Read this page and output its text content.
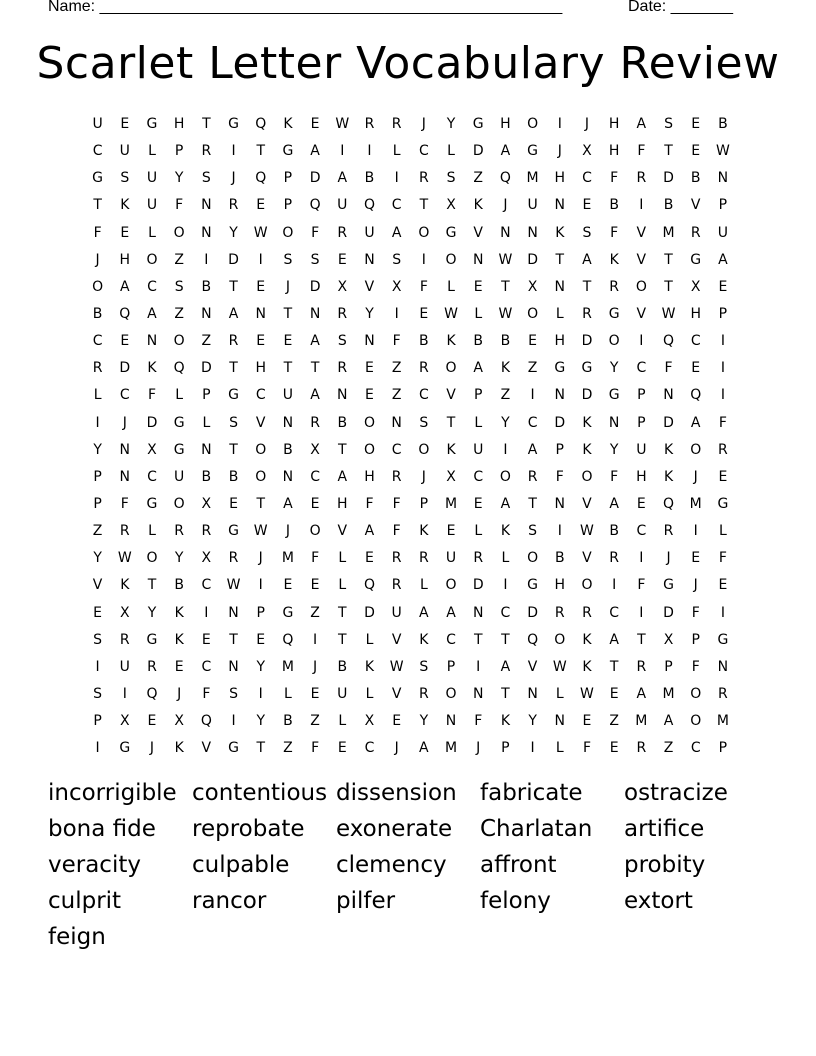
Name: ____________________________________________________	Date: _______
Scarlet Letter Vocabulary Review
U	E	G	H	T	G	Q	K	E	W	R	R	J	Y	G	H	O	I	J	H	A	S	E	B
C	U	L	P	R	I	T	G	A	I	I	L	C	L	D	A	G	J	X	H	F	T	E	W
G	S	U	Y	S	J	Q	P	D	A	B	I	R	S	Z	Q	M	H	C	F	R	D	B	N
T	K	U	F	N	R	E	P	Q	U	Q	C	T	X	K	J	U	N	E	B	I	B	V	P
F	E	L	O	N	Y	W	O	F	R	U	A	O	G	V	N	N	K	S	F	V	M	R	U
J	H	O	Z	I	D	I	S	S	E	N	S	I	O	N	W	D	T	A	K	V	T	G	A
O	A	C	S	B	T	E	J	D	X	V	X	F	L	E	T	X	N	T	R	O	T	X	E
B	Q	A	Z	N	A	N	T	N	R	Y	I	E	W	L	W	O	L	R	G	V	W	H	P
C	E	N	O	Z	R	E	E	A	S	N	F	B	K	B	B	E	H	D	O	I	Q	C	I
R	D	K	Q	D	T	H	T	T	R	E	Z	R	O	A	K	Z	G	G	Y	C	F	E	I
L	C	F	L	P	G	C	U	A	N	E	Z	C	V	P	Z	I	N	D	G	P	N	Q	I
I	J	D	G	L	S	V	N	R	B	O	N	S	T	L	Y	C	D	K	N	P	D	A	F
Y	N	X	G	N	T	O	B	X	T	O	C	O	K	U	I	A	P	K	Y	U	K	O	R
P	N	C	U	B	B	O	N	C	A	H	R	J	X	C	O	R	F	O	F	H	K	J	E
P	F	G	O	X	E	T	A	E	H	F	F	P	M	E	A	T	N	V	A	E	Q	M	G
Z	R	L	R	R	G	W	J	O	V	A	F	K	E	L	K	S	I	W	B	C	R	I	L
Y	W	O	Y	X	R	J	M	F	L	E	R	R	U	R	L	O	B	V	R	I	J	E	F
V	K	T	B	C	W	I	E	E	L	Q	R	L	O	D	I	G	H	O	I	F	G	J	E
E	X	Y	K	I	N	P	G	Z	T	D	U	A	A	N	C	D	R	R	C	I	D	F	I
S	R	G	K	E	T	E	Q	I	T	L	V	K	C	T	T	Q	O	K	A	T	X	P	G
I	U	R	E	C	N	Y	M	J	B	K	W	S	P	I	A	V	W	K	T	R	P	F	N
S	I	Q	J	F	S	I	L	E	U	L	V	R	O	N	T	N	L	W	E	A	M	O	R
P	X	E	X	Q	I	Y	B	Z	L	X	E	Y	N	F	K	Y	N	E	Z	M	A	O	M
I	G	J	K	V	G	T	Z	F	E	C	J	A	M	J	P	I	L	F	E	R	Z	C	P
incorrigible contentious dissension	fabricate	ostracize
bona fide	reprobate	exonerate	Charlatan	artifice
veracity	culpable	clemency	affront	probity
culprit	rancor	pilfer	felony	extort
feign
